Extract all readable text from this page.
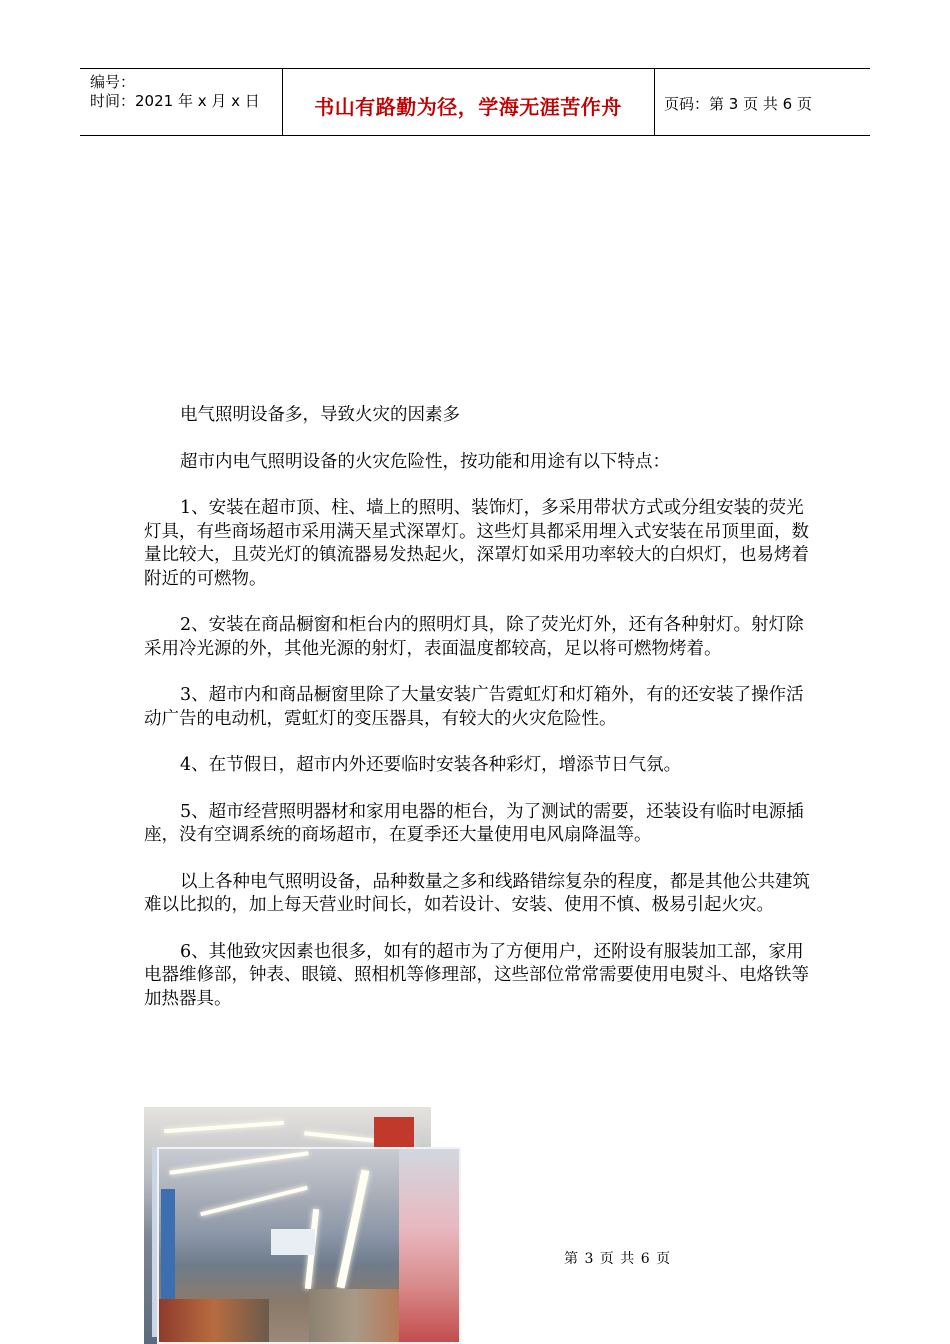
编号：
时间：2021 年 x 月 x 日	书山有路勤为径，学海无涯苦作舟	页码：第 3 页 共 6 页

电气照明设备多，导致火灾的因素多

超市内电气照明设备的火灾危险性，按功能和用途有以下特点：

1、安装在超市顶、柱、墙上的照明、装饰灯，多采用带状方式或分组安装的荧光灯具，有些商场超市采用满天星式深罩灯。这些灯具都采用埋入式安装在吊顶里面，数量比较大，且荧光灯的镇流器易发热起火，深罩灯如采用功率较大的白炽灯，也易烤着附近的可燃物。

2、安装在商品橱窗和柜台内的照明灯具，除了荧光灯外，还有各种射灯。射灯除采用冷光源的外，其他光源的射灯，表面温度都较高，足以将可燃物烤着。

3、超市内和商品橱窗里除了大量安装广告霓虹灯和灯箱外，有的还安装了操作活动广告的电动机，霓虹灯的变压器具，有较大的火灾危险性。

4、在节假日，超市内外还要临时安装各种彩灯，增添节日气氛。

5、超市经营照明器材和家用电器的柜台，为了测试的需要，还装设有临时电源插座，没有空调系统的商场超市，在夏季还大量使用电风扇降温等。

以上各种电气照明设备，品种数量之多和线路错综复杂的程度，都是其他公共建筑难以比拟的，加上每天营业时间长，如若设计、安装、使用不慎、极易引起火灾。

6、其他致灾因素也很多，如有的超市为了方便用户，还附设有服装加工部，家用电器维修部，钟表、眼镜、照相机等修理部，这些部位常常需要使用电熨斗、电烙铁等加热器具。

第 3 页 共 6 页
